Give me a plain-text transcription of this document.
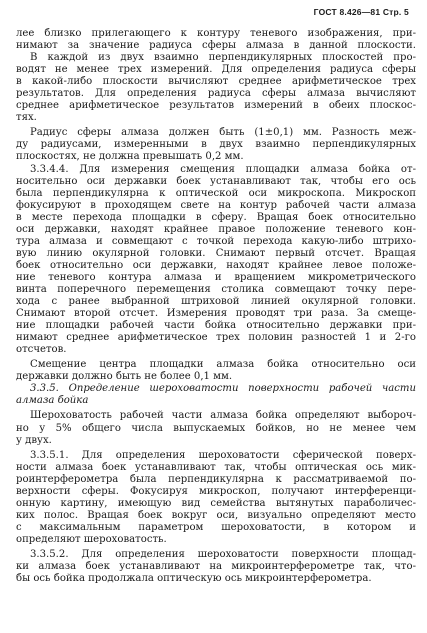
ГОСТ 8.426—81 Стр. 5
лее близко прилегающего к контуру теневого изображения, при-
нимают за значение радиуса сферы алмаза в данной плоскости.
В каждой из двух взаимно перпендикулярных плоскостей про-
водят не менее трех измерений. Для определения радиуса сферы
в какой-либо плоскости вычисляют среднее арифметическое трех
результатов. Для определения радиуса сферы алмаза вычисляют
среднее арифметическое результатов измерений в обеих плоскос-
тях.
Радиус сферы алмаза должен быть (1±0,1) мм. Разность меж-
ду радиусами, измеренными в двух взаимно перпендикулярных
плоскостях, не должна превышать 0,2 мм.
3.3.4.4. Для измерения смещения площадки алмаза бойка от-
носительно оси державки боек устанавливают так, чтобы его ось
была перпендикулярна к оптической оси микроскопа. Микроскоп
фокусируют в проходящем свете на контур рабочей части алмаза
в месте перехода площадки в сферу. Вращая боек относительно
оси державки, находят крайнее правое положение теневого кон-
тура алмаза и совмещают с точкой перехода какую-либо штрихо-
вую линию окулярной головки. Снимают первый отсчет. Вращая
боек относительно оси державки, находят крайнее левое положе-
ние теневого контура алмаза и вращением микрометрического
винта поперечного перемещения столика совмещают точку пере-
хода с ранее выбранной штриховой линией окулярной головки.
Снимают второй отсчет. Измерения проводят три раза. За смеще-
ние площадки рабочей части бойка относительно державки при-
нимают среднее арифметическое трех половин разностей 1 и 2-го
отсчетов.
Смещение центра площадки алмаза бойка относительно оси
державки должно быть не более 0,1 мм.
3.3.5. Определение шероховатости поверхности рабочей части
алмаза бойка
Шероховатость рабочей части алмаза бойка определяют выбороч-
но у 5% общего числа выпускаемых бойков, но не менее чем
у двух.
3.3.5.1. Для определения шероховатости сферической поверх-
ности алмаза боек устанавливают так, чтобы оптическая ось мик-
роинтерферометра была перпендикулярна к рассматриваемой по-
верхности сферы. Фокусируя микроскоп, получают интерференци-
онную картину, имеющую вид семейства вытянутых параболичес-
ких полос. Вращая боек вокруг оси, визуально определяют место
с максимальным параметром шероховатости, в котором и
определяют шероховатость.
3.3.5.2. Для определения шероховатости поверхности площад-
ки алмаза боек устанавливают на микроинтерферометре так, что-
бы ось бойка продолжала оптическую ось микроинтерферометра.
